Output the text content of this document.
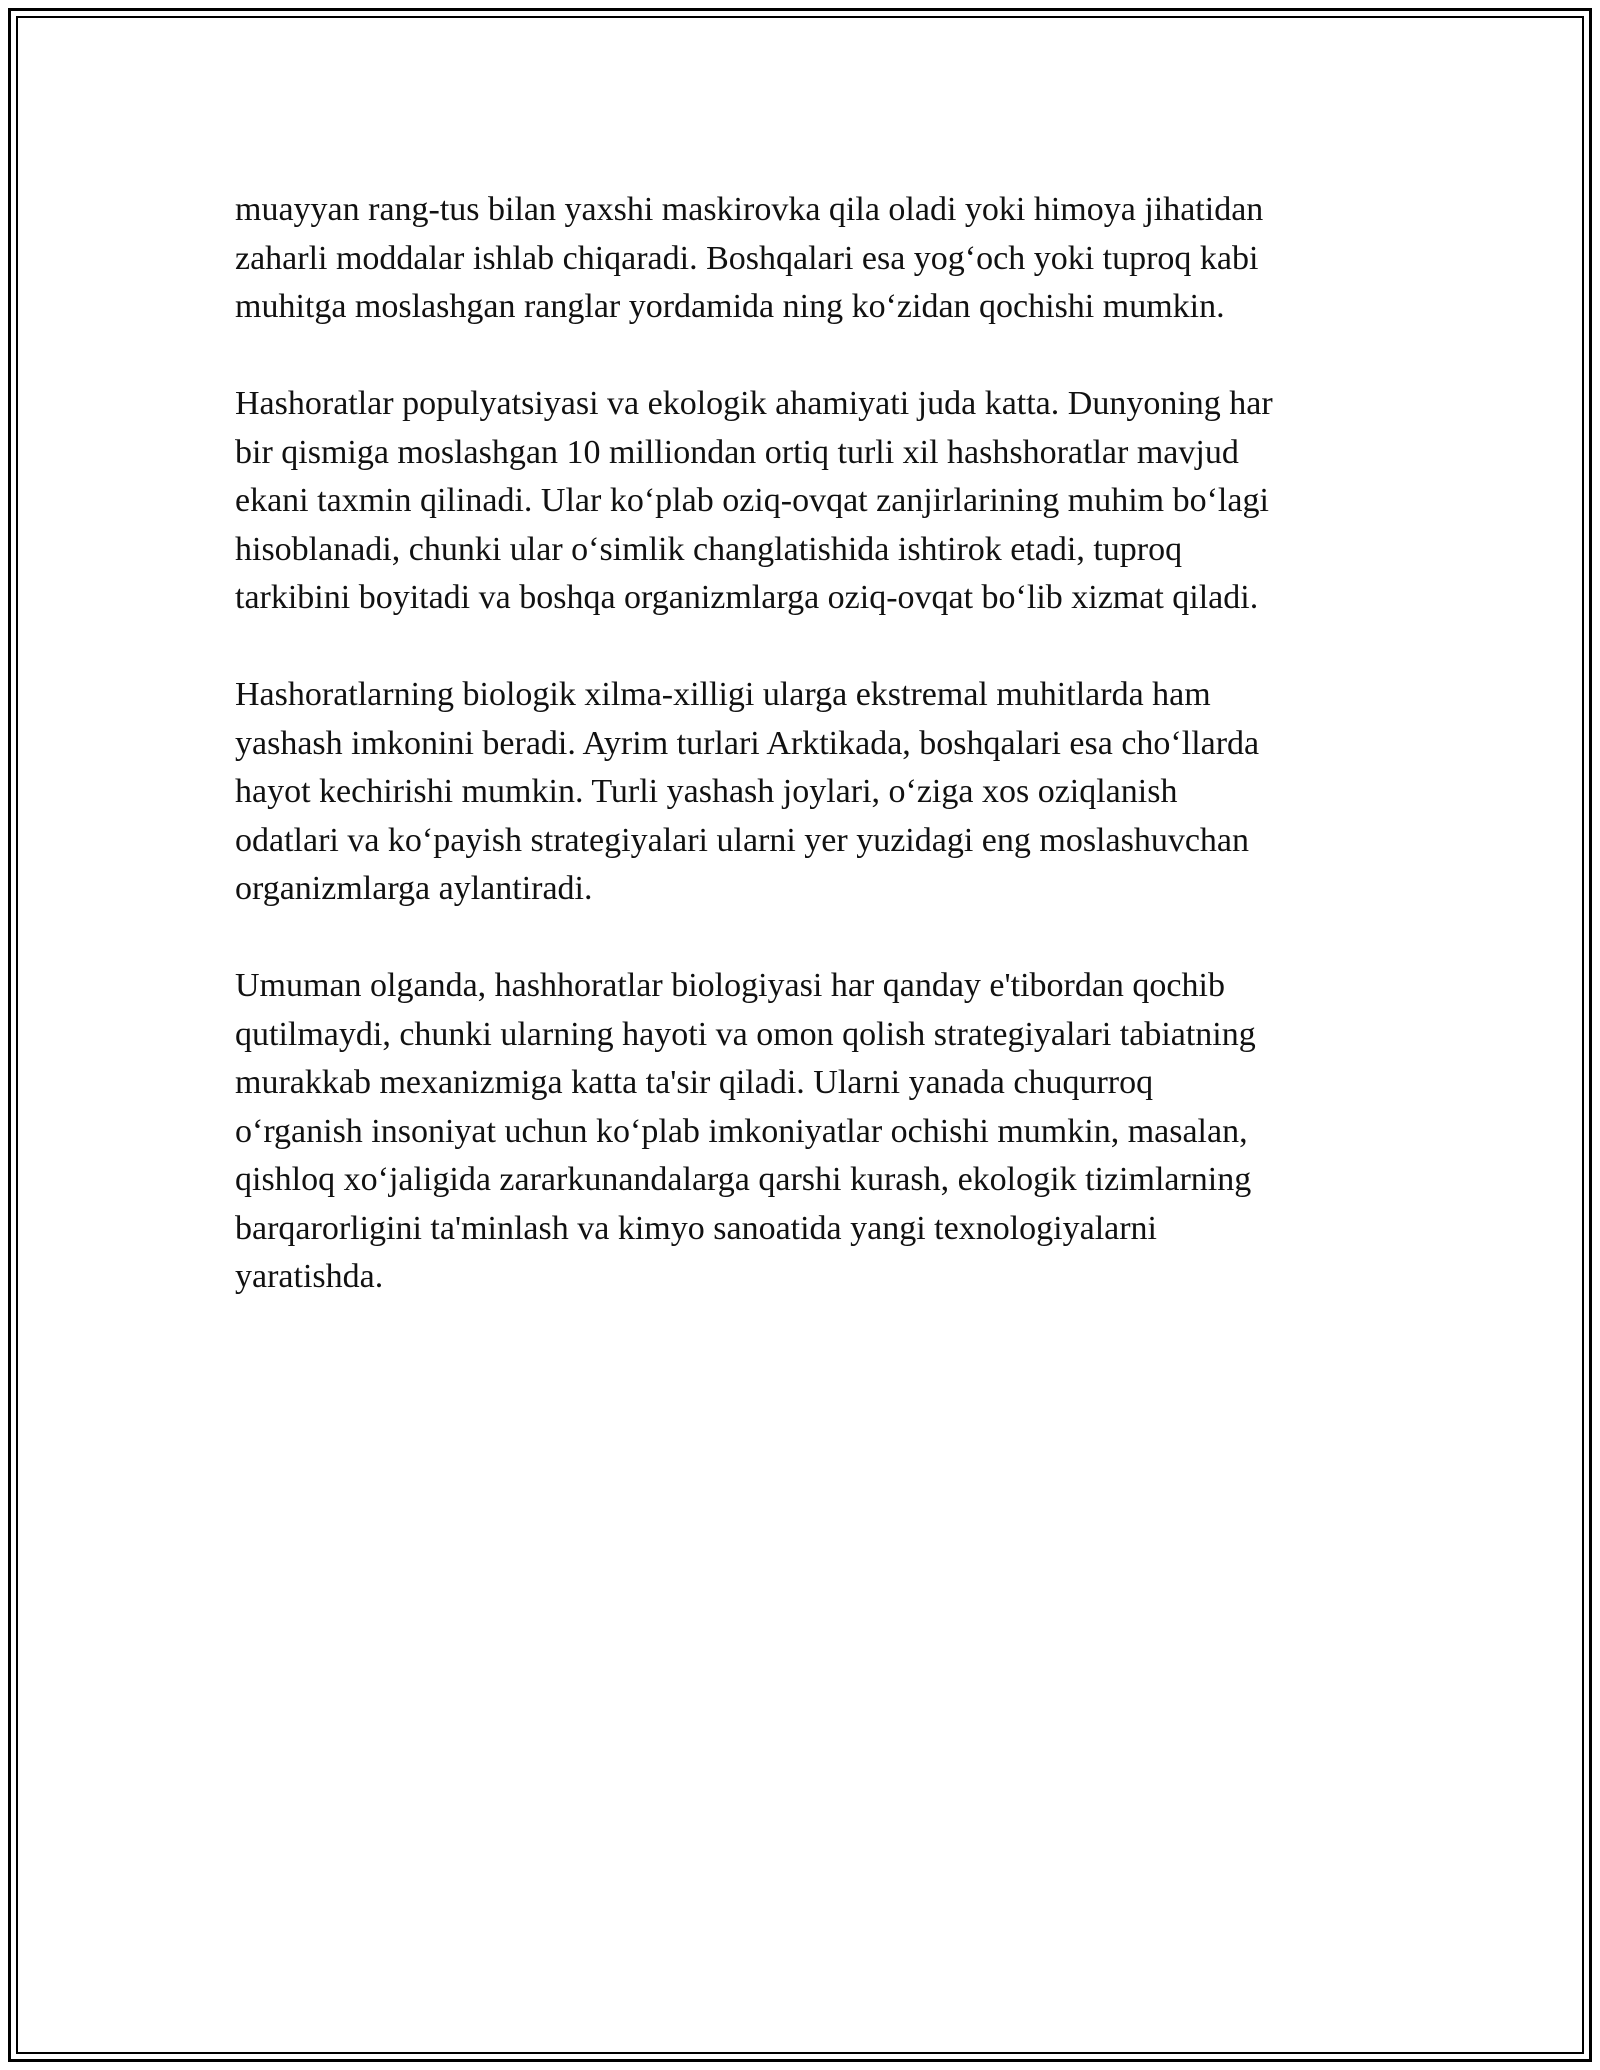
muayyan rang-tus bilan yaxshi maskirovka qila oladi yoki himoya jihatidan
zaharli moddalar ishlab chiqaradi. Boshqalari esa yog‘och yoki tuproq kabi
muhitga moslashgan ranglar yordamida ning ko‘zidan qochishi mumkin.

Hashoratlar populyatsiyasi va ekologik ahamiyati juda katta. Dunyoning har
bir qismiga moslashgan 10 milliondan ortiq turli xil hashshoratlar mavjud
ekani taxmin qilinadi. Ular ko‘plab oziq-ovqat zanjirlarining muhim bo‘lagi
hisoblanadi, chunki ular o‘simlik changlatishida ishtirok etadi, tuproq
tarkibini boyitadi va boshqa organizmlarga oziq-ovqat bo‘lib xizmat qiladi.

Hashoratlarning biologik xilma-xilligi ularga ekstremal muhitlarda ham
yashash imkonini beradi. Ayrim turlari Arktikada, boshqalari esa cho‘llarda
hayot kechirishi mumkin. Turli yashash joylari, o‘ziga xos oziqlanish
odatlari va ko‘payish strategiyalari ularni yer yuzidagi eng moslashuvchan
organizmlarga aylantiradi.

Umuman olganda, hashhoratlar biologiyasi har qanday e'tibordan qochib
qutilmaydi, chunki ularning hayoti va omon qolish strategiyalari tabiatning
murakkab mexanizmiga katta ta'sir qiladi. Ularni yanada chuqurroq
o‘rganish insoniyat uchun ko‘plab imkoniyatlar ochishi mumkin, masalan,
qishloq xo‘jaligida zararkunandalarga qarshi kurash, ekologik tizimlarning
barqarorligini ta'minlash va kimyo sanoatida yangi texnologiyalarni
yaratishda.
